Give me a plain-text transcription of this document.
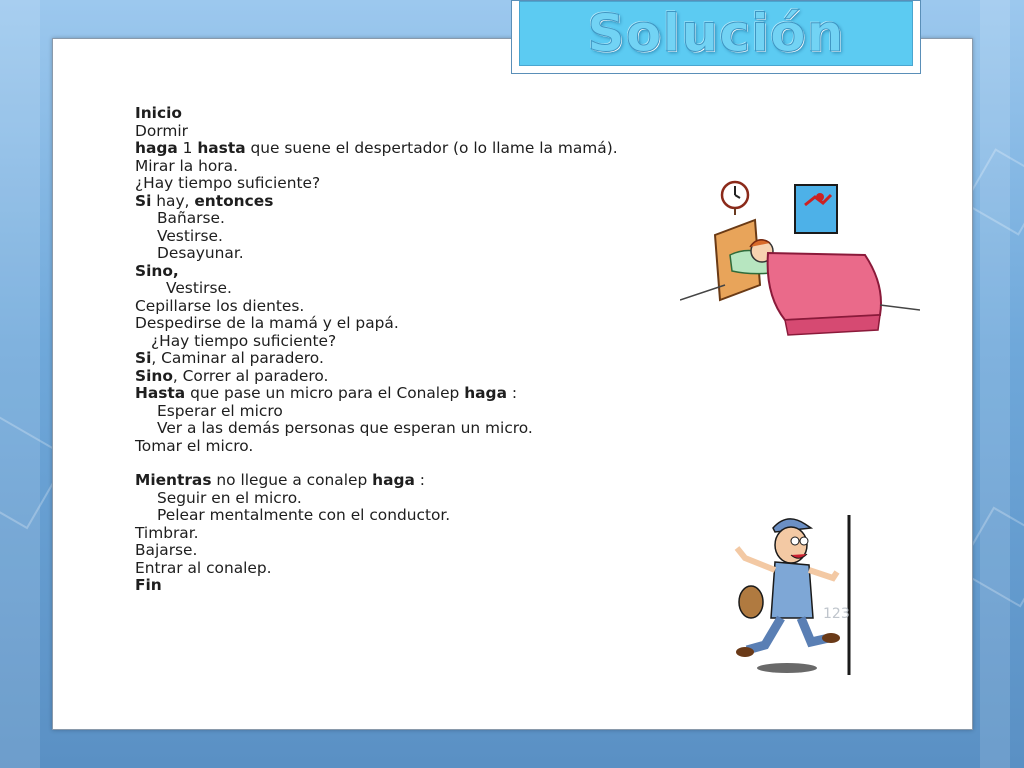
Solución
Inicio
Dormir
haga 1 hasta que suene el despertador (o lo llame la mamá).
Mirar la hora.
¿Hay tiempo suficiente?
Si hay, entonces
Bañarse.
Vestirse.
Desayunar.
Sino,
Vestirse.
Cepillarse los dientes.
Despedirse de la mamá y el papá.
¿Hay tiempo suficiente?
Si, Caminar al paradero.
Sino, Correr al paradero.
Hasta que pase un micro para el Conalep haga :
Esperar el micro
Ver a las demás personas que esperan un micro.
Tomar el micro.
Mientras no llegue a conalep haga :
Seguir en el micro.
Pelear mentalmente con el conductor.
Timbrar.
Bajarse.
Entrar al conalep.
Fin
123
